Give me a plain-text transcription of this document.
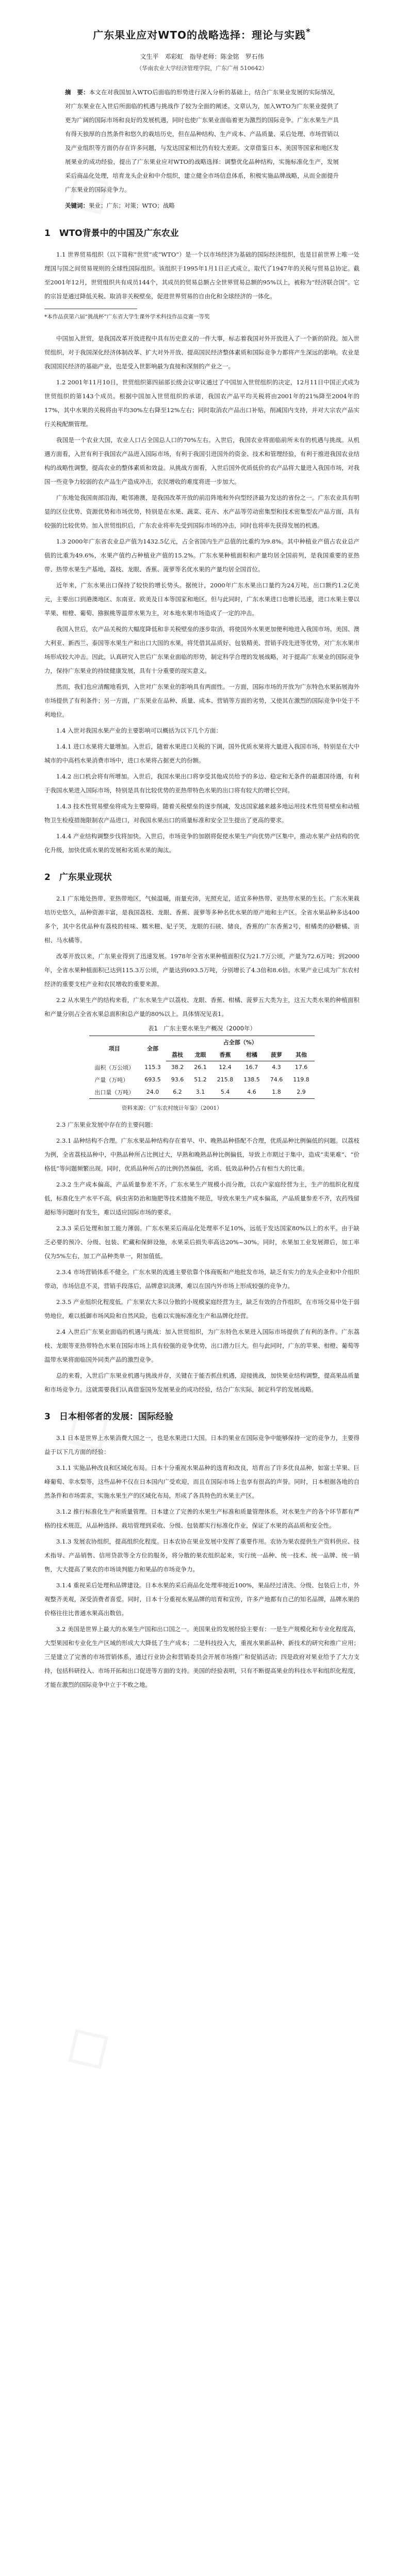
广东果业应对WTO的战略选择：理论与实践*
文生平　邓彩虹　指导老师：陈金铭　罗石伟
（华南农业大学经济管理学院，广东广州 510642）
摘　要：本文在对我国加入WTO后面临的形势进行深入分析的基础上，结合广东果业发展的实际情况，对广东果业在入世后所面临的机遇与挑战作了较为全面的阐述。文章认为，加入WTO为广东果业提供了更为广阔的国际市场和良好的发展机遇，同时也使广东果业面临着更为激烈的国际竞争。广东水果生产具有得天独厚的自然条件和悠久的栽培历史，但在品种结构、生产成本、产品质量、采后处理、市场营销以及产业组织等方面仍存在许多问题，与发达国家相比仍有较大差距。文章借鉴日本、美国等国家和地区发展果业的成功经验，提出了广东果业应对WTO的战略选择：调整优化品种结构，实施标准化生产，发展采后商品化处理，培育龙头企业和中介组织，建立健全市场信息体系，积极实施品牌战略，从而全面提升广东果业的国际竞争力。
关键词：果业；广东；对策；WTO；战略
1　WTO背景中的中国及广东农业

1.1 世界贸易组织（以下简称“世贸”或“WTO”）是一个以市场经济为基础的国际经济组织，也是目前世界上唯一处理国与国之间贸易规则的全球性国际组织。该组织于1995年1月1日正式成立，取代了1947年的关税与贸易总协定。截至2001年12月，世贸组织共有成员144个，其成员的贸易总额占全世界贸易总额的95%以上，被称为“经济联合国”。它的宗旨是通过降低关税、取消非关税壁垒，促进世界贸易的自由化和全球经济的一体化。

*本作品获第六届“挑战杯”广东省大学生课外学术科技作品竞赛一等奖

中国加入世贸，是我国改革开放进程中具有历史意义的一件大事，标志着我国对外开放进入了一个新的阶段。加入世贸组织，对于我国深化经济体制改革、扩大对外开放、提高国民经济整体素质和国际竞争力都将产生深远的影响。农业是我国国民经济的基础产业，也是受入世影响最为直接和深刻的产业之一。

1.2 2001年11月10日，世贸组织第四届部长级会议审议通过了中国加入世贸组织的决定，12月11日中国正式成为世贸组织的第143个成员。根据中国加入世贸组织的承诺，我国农产品平均关税将由2001年的21%降至2004年的17%，其中水果的关税将由平均30%左右降至12%左右；同时取消农产品出口补贴，削减国内支持，并对大宗农产品实行关税配额管理。

我国是一个农业大国，农业人口占全国总人口的70%左右。入世后，我国农业将面临前所未有的机遇与挑战。从机遇方面看，入世有利于我国农产品进入国际市场，有利于我国引进国外的资金、技术和管理经验，有利于推进我国农业结构的战略性调整，提高农业的整体素质和效益。从挑战方面看，入世后国外优质低价的农产品将大量进入我国市场，对我国一些竞争力较弱的农产品生产造成冲击，农民增收的难度将进一步加大。

广东地处我国南部沿海，毗邻港澳，是我国改革开放的前沿阵地和外向型经济最为发达的省份之一。广东农业具有明显的区位优势、资源优势和市场优势，特别是在水果、蔬菜、花卉、水产品等劳动密集型和技术密集型农产品方面，具有较强的比较优势。加入世贸组织后，广东农业将率先受到国际市场的冲击，同时也将率先获得发展的机遇。

1.3 2000年广东省农业总产值为1432.5亿元，占全省国内生产总值的比重约为9.8%。其中种植业产值占农业总产值的比重为49.6%，水果产值约占种植业产值的15.2%。广东水果种植面积和产量均居全国前列，是我国重要的亚热带、热带水果生产基地，荔枝、龙眼、香蕉、菠萝等名优水果的产量均居全国首位。

近年来，广东水果出口保持了较快的增长势头。据统计，2000年广东水果出口量约为24万吨，出口额约1.2亿美元，主要出口到港澳地区、东南亚、欧美及日本等国家和地区。但与此同时，广东水果进口也增长迅速，进口水果主要以苹果、柑橙、葡萄、猕猴桃等温带水果为主，对本地水果市场造成了一定的冲击。

我国入世后，农产品关税的大幅度降低和非关税壁垒的逐步取消，将使国外水果更加便利地进入我国市场。美国、澳大利亚、新西兰、泰国等水果生产和出口大国的水果，将凭借其品质好、包装精美、营销手段先进等优势，对广东水果市场形成较大冲击。因此，认真研究入世后广东果业面临的形势，制定科学合理的发展战略，对于提高广东果业的国际竞争力，保持广东果业的持续健康发展，具有十分重要的现实意义。

然而，我们也应清醒地看到，入世对广东果业的影响具有两面性。一方面，国际市场的开放为广东特色水果拓展海外市场提供了有利条件；另一方面，广东果业在品种、质量、成本、营销等方面的劣势，又使其在激烈的国际竞争中处于不利地位。

1.4 入世对我国水果产业的主要影响可以概括为以下几个方面：

1.4.1 进口水果将大量增加。入世后，随着水果进口关税的下调，国外优质水果将大量进入我国市场，特别是在大中城市的中高档水果消费市场中，进口水果将占据更大的份额。

1.4.2 出口机会将有所增加。入世后，我国水果出口将享受其他成员给予的多边、稳定和无条件的最惠国待遇，有利于我国水果进入国际市场，特别是具有比较优势的亚热带特色水果的出口将有较大的增长空间。

1.4.3 技术性贸易壁垒将成为主要障碍。随着关税壁垒的逐步削减，发达国家越来越多地运用技术性贸易壁垒和动植物卫生检疫措施限制农产品进口，对我国水果出口的质量标准和安全卫生提出了更高的要求。

1.4.4 产业结构调整步伐将加快。入世后，市场竞争的加剧将促使水果生产向优势产区集中，推动水果产业结构的优化升级，加快优质水果的发展和劣质水果的淘汰。

2　广东果业现状

2.1 广东地处热带、亚热带地区，气候温暖，雨量充沛，光照充足，适宜多种热带、亚热带水果的生长。广东水果栽培历史悠久，品种资源丰富，是我国荔枝、龙眼、香蕉、菠萝等多种名优水果的原产地和主产区。全省水果品种多达400多个，其中名优品种有荔枝的桂味、糯米糍、妃子笑，龙眼的石硖、储良，香蕉的广东香蕉2号，柑橘类的砂糖橘、贡柑、马水橘等。

改革开放以来，广东果业得到了迅速发展。1978年全省水果种植面积仅为21.7万公顷，产量为72.6万吨；到2000年，全省水果种植面积已达到115.3万公顷，产量达到693.5万吨，分别增长了4.3倍和8.6倍。水果产业已成为广东农村经济的重要支柱产业和农民增收的重要来源。

2.2 从水果生产的结构来看，广东水果生产以荔枝、龙眼、香蕉、柑橘、菠萝五大类为主，这五大类水果的种植面积和产量分别占全省水果总面积和总产量的80%以上。具体情况见表1。

表1　广东主要水果生产概况（2000年）
项目	全部	占全部（%）					
		荔枝	龙眼	香蕉	柑橘	菠萝	其他
面积（万公顷）	115.3	38.2	26.1	12.4	16.7	4.3	17.6
产量（万吨）	693.5	93.6	51.2	215.8	138.5	74.6	119.8
出口量（万吨）	24.0	6.2	3.1	5.4	4.6	1.8	2.9
资料来源：《广东农村统计年鉴》（2001）

2.3 广东果业发展中存在的主要问题：

2.3.1 品种结构不合理。广东水果品种结构存在着早、中、晚熟品种搭配不合理，优质品种比例偏低的问题。以荔枝为例，全省荔枝品种中，中熟品种所占比例过大，早熟和晚熟品种比例偏低，导致上市期过于集中，造成“卖果难”、“价格低”等问题频繁出现。同时，优质品种所占的比例仍然偏低，劣质、低效品种仍占有相当大的比重。

2.3.2 生产成本偏高，产品质量参差不齐。广东水果生产规模小而分散，以农户家庭经营为主，生产的组织化程度低，标准化生产水平不高，病虫害防治和施肥等技术措施不规范，导致水果生产成本偏高，产品质量参差不齐，农药残留超标等问题时有发生，难以适应国际市场的要求。

2.3.3 采后处理和加工能力薄弱。广东水果采后商品化处理率不足10%，远低于发达国家80%以上的水平。由于缺乏必要的预冷、分级、包装、贮藏和保鲜设施，水果采后损失率高达20%~30%。同时，水果加工业发展滞后，加工率仅为5%左右，加工产品种类单一，附加值低。

2.3.4 市场营销体系不健全。广东水果的流通主要依靠个体商贩和产地批发市场，缺乏有实力的龙头企业和中介组织带动，市场信息不灵，营销手段落后，品牌意识淡薄，难以在国内外市场上形成较强的竞争力。

2.3.5 产业组织化程度低。广东果农大多以分散的小规模家庭经营为主，缺乏有效的合作组织，在市场交易中处于弱势地位，难以抵御市场风险和自然风险，也难以实施标准化生产和品牌化经营。

2.4 入世后广东果业面临的机遇与挑战：加入世贸组织，为广东特色水果进入国际市场提供了有利的条件。广东荔枝、龙眼等亚热带特色水果在国际市场上具有较强的竞争优势，出口潜力巨大。但与此同时，广东的苹果、柑橙、葡萄等温带水果将面临国外同类产品的激烈竞争。

总的来看，入世后广东果业机遇与挑战并存，关键在于能否抓住机遇，迎接挑战，加快果业结构调整，提高果品质量和市场竞争力。这就需要我们认真借鉴国外发展果业的成功经验，结合广东实际，制定科学的发展战略。

3　日本相邻者的发展：国际经验

3.1 日本是世界上水果消费大国之一，也是水果进口大国。日本的果业在国际竞争中能够保持一定的竞争力，主要得益于以下几方面的经验：

3.1.1 实施品种改良和区域化布局。日本十分重视水果品种的选育和改良，培育出了许多优良品种，如富士苹果、巨峰葡萄、幸水梨等，这些品种不仅在日本国内广受欢迎，而且在国际市场上也享有很高的声誉。同时，日本根据各地的自然条件和市场需求，实施水果生产的区域化布局，形成了各具特色的水果主产区。

3.1.2 推行标准化生产和质量管理。日本建立了完善的水果生产标准和质量管理体系，对水果生产的各个环节都有严格的技术规范，从品种选择、栽培管理到采收、分级、包装都实行标准化作业，保证了水果的高品质和安全性。

3.1.3 发展农协组织，提高组织化程度。日本农协在果业发展中发挥了重要作用。农协为果农提供生产资料供应、技术指导、产品销售、信用贷款等全方位的服务，将分散的果农组织起来，实行统一品种、统一技术、统一品牌、统一销售，大大提高了果农的市场谈判能力和果品的市场竞争力。

3.1.4 重视采后处理和品牌建设。日本水果的采后商品化处理率接近100%，果品经过清洗、分级、包装后上市，外观整齐美观，深受消费者喜爱。同时，日本十分重视水果品牌的培育和宣传，许多产地都有自己的知名品牌，品牌水果的价格往往比普通水果高出数倍。

3.2 美国是世界上最大的水果生产国和出口国之一。美国果业的发展经验主要有：一是生产规模化和专业化程度高，大型果园和专业化生产区域的形成大大降低了生产成本；二是科技投入大，重视水果新品种、新技术的研究和推广应用；三是建立了完善的市场营销体系，通过行业协会和营销委员会开展市场推广和促销活动；四是政府对果业给予了大力支持，包括科研投入、市场开拓和出口促进等方面的支持。美国的经验表明，只有不断提高果业的科技水平和组织化程度，才能在激烈的国际竞争中立于不败之地。
